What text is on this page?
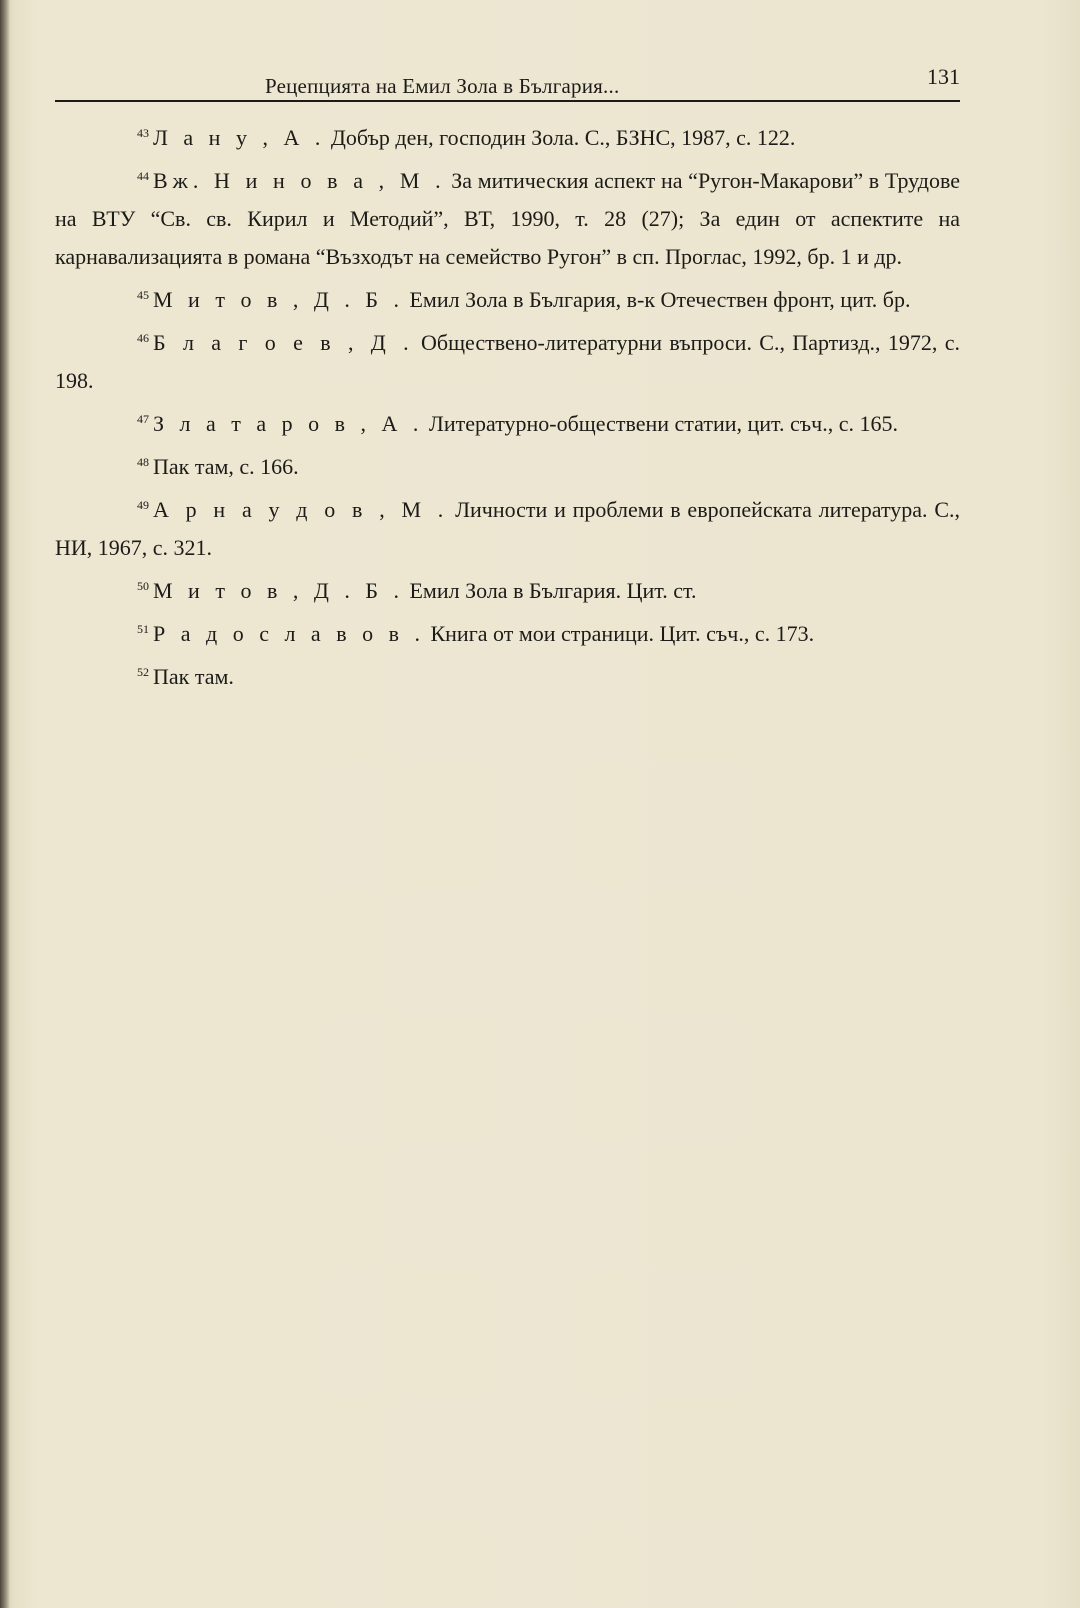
Рецепцията на Емил Зола в България...	131

$^{43}$ Л а н у , А . Добър ден, господин Зола. С., БЗНС, 1987, с. 122.

$^{44}$ Вж. Н и н о в а , М . За митическия аспект на “Ругон-Макарови” в Трудове на ВТУ “Св. св. Кирил и Методий”, ВТ, 1990, т. 28 (27); За един от аспектите на карнавализацията в романа “Възходът на семейство Ругон” в сп. Проглас, 1992, бр. 1 и др.

$^{45}$ М и т о в , Д . Б . Емил Зола в България, в-к Отечествен фронт, цит. бр.

$^{46}$ Б л а г о е в , Д . Обществено-литературни въпроси. С., Партизд., 1972, с. 198.

$^{47}$ З л а т а р о в , А . Литературно-обществени статии, цит. съч., с. 165.

$^{48}$ Пак там, с. 166.

$^{49}$ А р н а у д о в , М . Личности и проблеми в европейската литература. С., НИ, 1967, с. 321.

$^{50}$ М и т о в , Д . Б . Емил Зола в България. Цит. ст.

$^{51}$ Р а д о с л а в о в . Книга от мои страници. Цит. съч., с. 173.

$^{52}$ Пак там.
